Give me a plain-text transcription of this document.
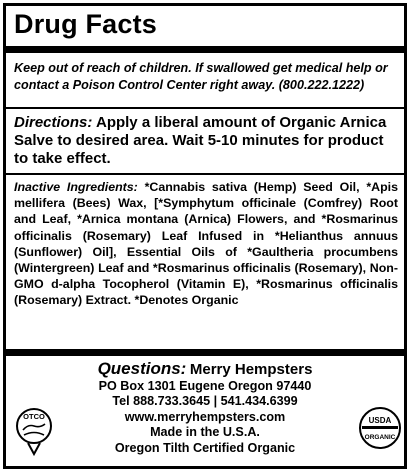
Drug Facts
Keep out of reach of children. If swallowed get medical help or contact a Poison Control Center right away. (800.222.1222)
Directions: Apply a liberal amount of Organic Arnica Salve to desired area. Wait 5-10 minutes for product to take effect.
Inactive Ingredients: *Cannabis sativa (Hemp) Seed Oil, *Apis mellifera (Bees) Wax, [*Symphytum officinale (Comfrey) Root and Leaf, *Arnica montana (Arnica) Flowers, and *Rosmarinus officinalis (Rosemary) Leaf Infused in *Helianthus annuus (Sunflower) Oil], Essential Oils of *Gaultheria procumbens (Wintergreen) Leaf and *Rosmarinus officinalis (Rosemary), Non-GMO d-alpha Tocopherol (Vitamin E), *Rosmarinus officinalis (Rosemary) Extract. *Denotes Organic
Questions: Merry Hempsters
PO Box 1301 Eugene Oregon 97440
Tel 888.733.3645 | 541.434.6399
www.merryhempsters.com
Made in the U.S.A.
Oregon Tilth Certified Organic
OTCO	USDA
ORGANIC
